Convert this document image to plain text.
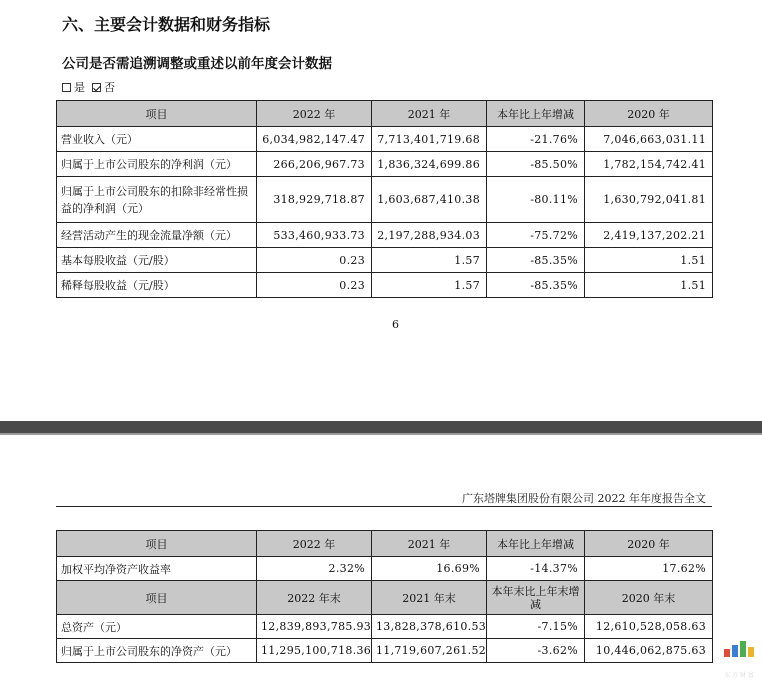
六、主要会计数据和财务指标
公司是否需追溯调整或重述以前年度会计数据
是 否
项目	2022 年	2021 年	本年比上年增减	2020 年
营业收入（元）	6,034,982,147.47	7,713,401,719.68	-21.76%	7,046,663,031.11
归属于上市公司股东的净利润（元）	266,206,967.73	1,836,324,699.86	-85.50%	1,782,154,742.41
归属于上市公司股东的扣除非经常性损益的净利润（元）	318,929,718.87	1,603,687,410.38	-80.11%	1,630,792,041.81
经营活动产生的现金流量净额（元）	533,460,933.73	2,197,288,934.03	-75.72%	2,419,137,202.21
基本每股收益（元/股）	0.23	1.57	-85.35%	1.51
稀释每股收益（元/股）	0.23	1.57	-85.35%	1.51
6
广东塔牌集团股份有限公司 2022 年年度报告全文
项目	2022 年	2021 年	本年比上年增减	2020 年
加权平均净资产收益率	2.32%	16.69%	-14.37%	17.62%
项目	2022 年末	2021 年末	本年末比上年末增减	2020 年末
总资产（元）	12,839,893,785.93	13,828,378,610.53	-7.15%	12,610,528,058.63
归属于上市公司股东的净资产（元）	11,295,100,718.36	11,719,607,261.52	-3.62%	10,446,062,875.63
东 方 财 富
